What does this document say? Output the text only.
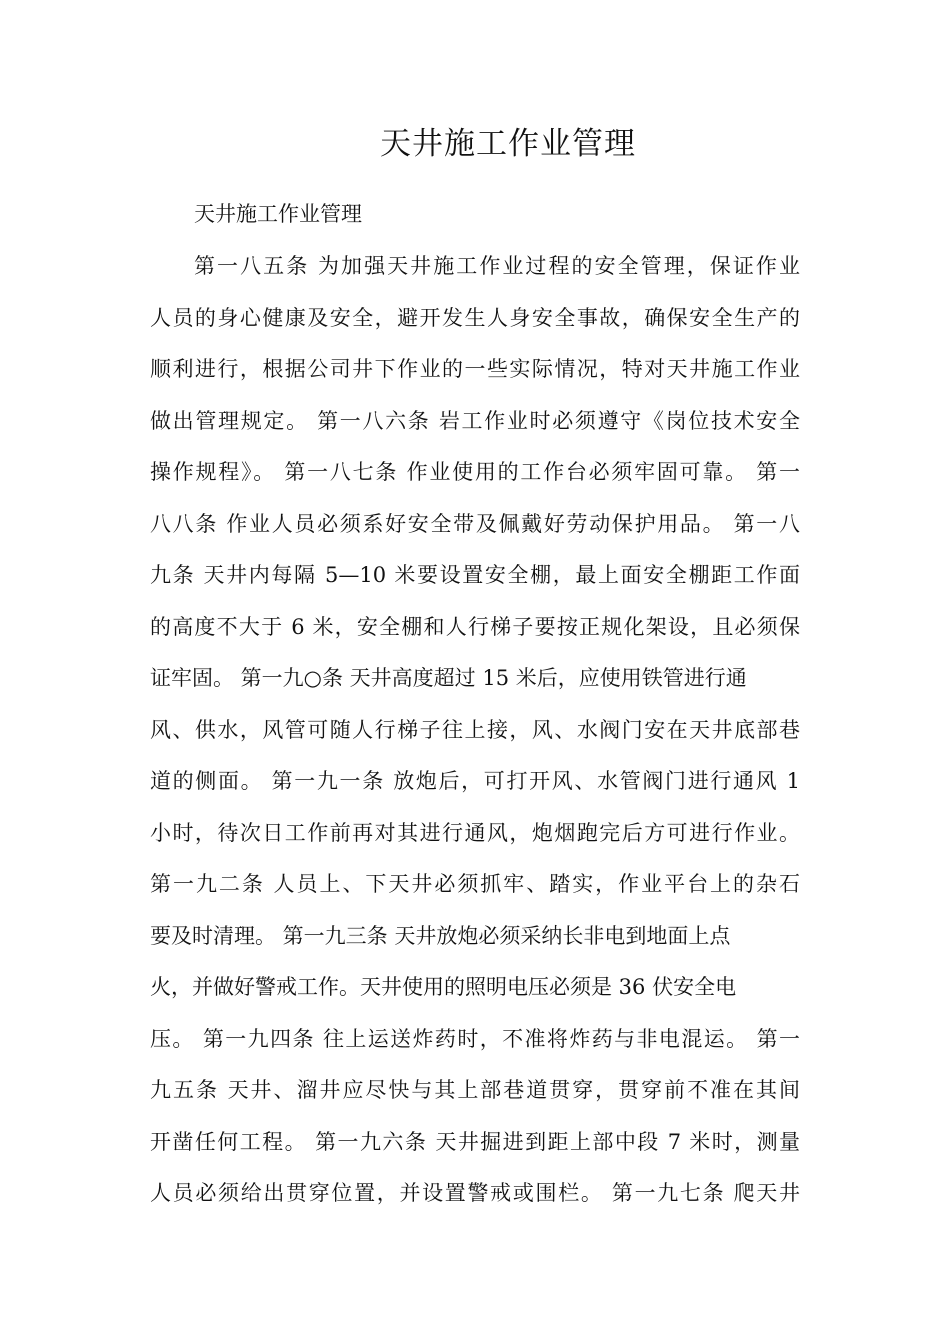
天井施工作业管理

天井施工作业管理

第一八五条 为加强天井施工作业过程的安全管理，保证作业
人员的身心健康及安全，避开发生人身安全事故，确保安全生产的
顺利进行，根据公司井下作业的一些实际情况，特对天井施工作业
做出管理规定。 第一八六条 岩工作业时必须遵守《岗位技术安全
操作规程》。 第一八七条 作业使用的工作台必须牢固可靠。 第一
八八条 作业人员必须系好安全带及佩戴好劳动保护用品。 第一八
九条 天井内每隔 5—10 米要设置安全棚，最上面安全棚距工作面
的高度不大于 6 米，安全棚和人行梯子要按正规化架设，且必须保
证牢固。 第一九○条 天井高度超过 15 米后，应使用铁管进行通
风、供水，风管可随人行梯子往上接，风、水阀门安在天井底部巷
道的侧面。 第一九一条 放炮后，可打开风、水管阀门进行通风 1
小时，待次日工作前再对其进行通风，炮烟跑完后方可进行作业。
第一九二条 人员上、下天井必须抓牢、踏实，作业平台上的杂石
要及时清理。 第一九三条 天井放炮必须采纳长非电到地面上点
火，并做好警戒工作。天井使用的照明电压必须是 36 伏安全电
压。 第一九四条 往上运送炸药时，不准将炸药与非电混运。 第一
九五条 天井、溜井应尽快与其上部巷道贯穿，贯穿前不准在其间
开凿任何工程。 第一九六条 天井掘进到距上部中段 7 米时，测量
人员必须给出贯穿位置，并设置警戒或围栏。 第一九七条 爬天井
